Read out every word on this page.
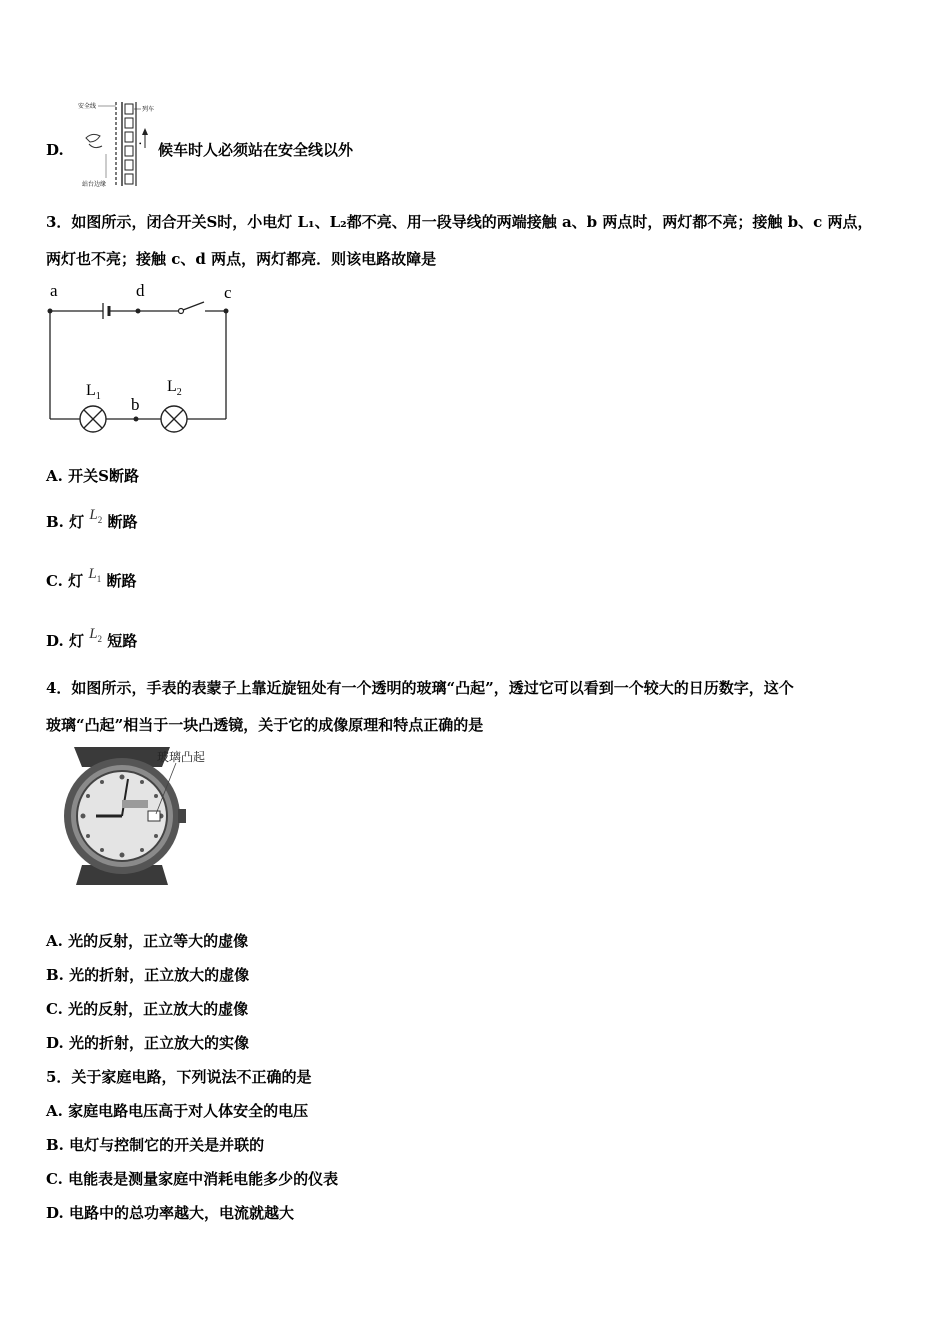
D.
安全线	列车
•
站台边缘
候车时人必须站在安全线以外
3．如图所示，闭合开关S时，小电灯 L₁、L₂都不亮、用一段导线的两端接触 a、b 两点时，两灯都不亮；接触 b、c 两点，
两灯也不亮；接触 c、d 两点，两灯都亮．则该电路故障是
a	d	c
b
$L_1$
$L_2$
A. 开关S断路
B. 灯 $L_2$ 断路
C. 灯 $L_1$ 断路
D. 灯 $L_2$ 短路
4．如图所示，手表的表蒙子上靠近旋钮处有一个透明的玻璃“凸起”，透过它可以看到一个较大的日历数字，这个
玻璃“凸起”相当于一块凸透镜，关于它的成像原理和特点正确的是
玻璃凸起
A. 光的反射，正立等大的虚像
B. 光的折射，正立放大的虚像
C. 光的反射，正立放大的虚像
D. 光的折射，正立放大的实像
5．关于家庭电路，下列说法不正确的是
A. 家庭电路电压高于对人体安全的电压
B. 电灯与控制它的开关是并联的
C. 电能表是测量家庭中消耗电能多少的仪表
D. 电路中的总功率越大，电流就越大
